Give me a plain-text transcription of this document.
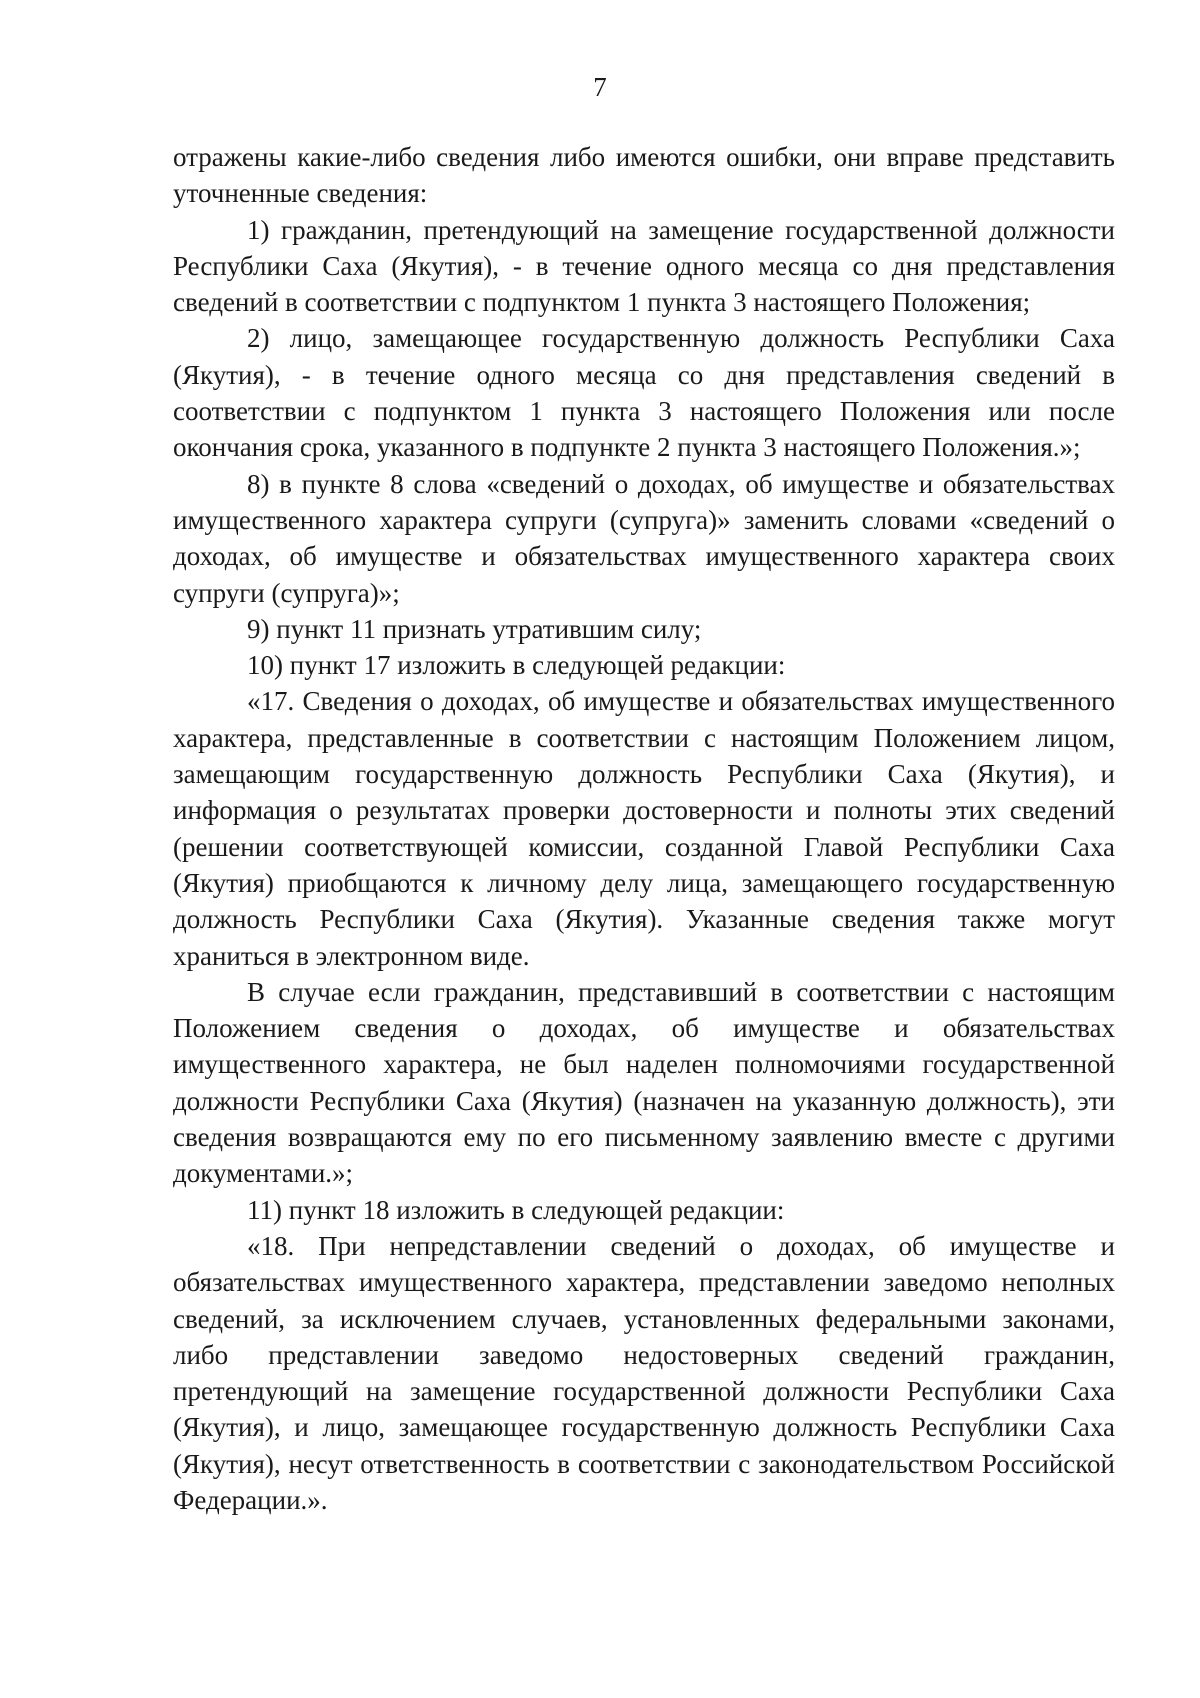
7

отражены какие-либо сведения либо имеются ошибки, они вправе представить уточненные сведения:

1) гражданин, претендующий на замещение государственной должности Республики Саха (Якутия), - в течение одного месяца со дня представления сведений в соответствии с подпунктом 1 пункта 3 настоящего Положения;

2) лицо, замещающее государственную должность Республики Саха (Якутия), - в течение одного месяца со дня представления сведений в соответствии с подпунктом 1 пункта 3 настоящего Положения или после окончания срока, указанного в подпункте 2 пункта 3 настоящего Положения.»;

8) в пункте 8 слова «сведений о доходах, об имуществе и обязательствах имущественного характера супруги (супруга)» заменить словами «сведений о доходах, об имуществе и обязательствах имущественного характера своих супруги (супруга)»;

9) пункт 11 признать утратившим силу;

10) пункт 17 изложить в следующей редакции:

«17. Сведения о доходах, об имуществе и обязательствах имущественного характера, представленные в соответствии с настоящим Положением лицом, замещающим государственную должность Республики Саха (Якутия), и информация о результатах проверки достоверности и полноты этих сведений (решении соответствующей комиссии, созданной Главой Республики Саха (Якутия) приобщаются к личному делу лица, замещающего государственную должность Республики Саха (Якутия). Указанные сведения также могут храниться в электронном виде.

В случае если гражданин, представивший в соответствии с настоящим Положением сведения о доходах, об имуществе и обязательствах имущественного характера, не был наделен полномочиями государственной должности Республики Саха (Якутия) (назначен на указанную должность), эти сведения возвращаются ему по его письменному заявлению вместе с другими документами.»;

11) пункт 18 изложить в следующей редакции:

«18. При непредставлении сведений о доходах, об имуществе и обязательствах имущественного характера, представлении заведомо неполных сведений, за исключением случаев, установленных федеральными законами, либо представлении заведомо недостоверных сведений гражданин, претендующий на замещение государственной должности Республики Саха (Якутия), и лицо, замещающее государственную должность Республики Саха (Якутия), несут ответственность в соответствии с законодательством Российской Федерации.».
